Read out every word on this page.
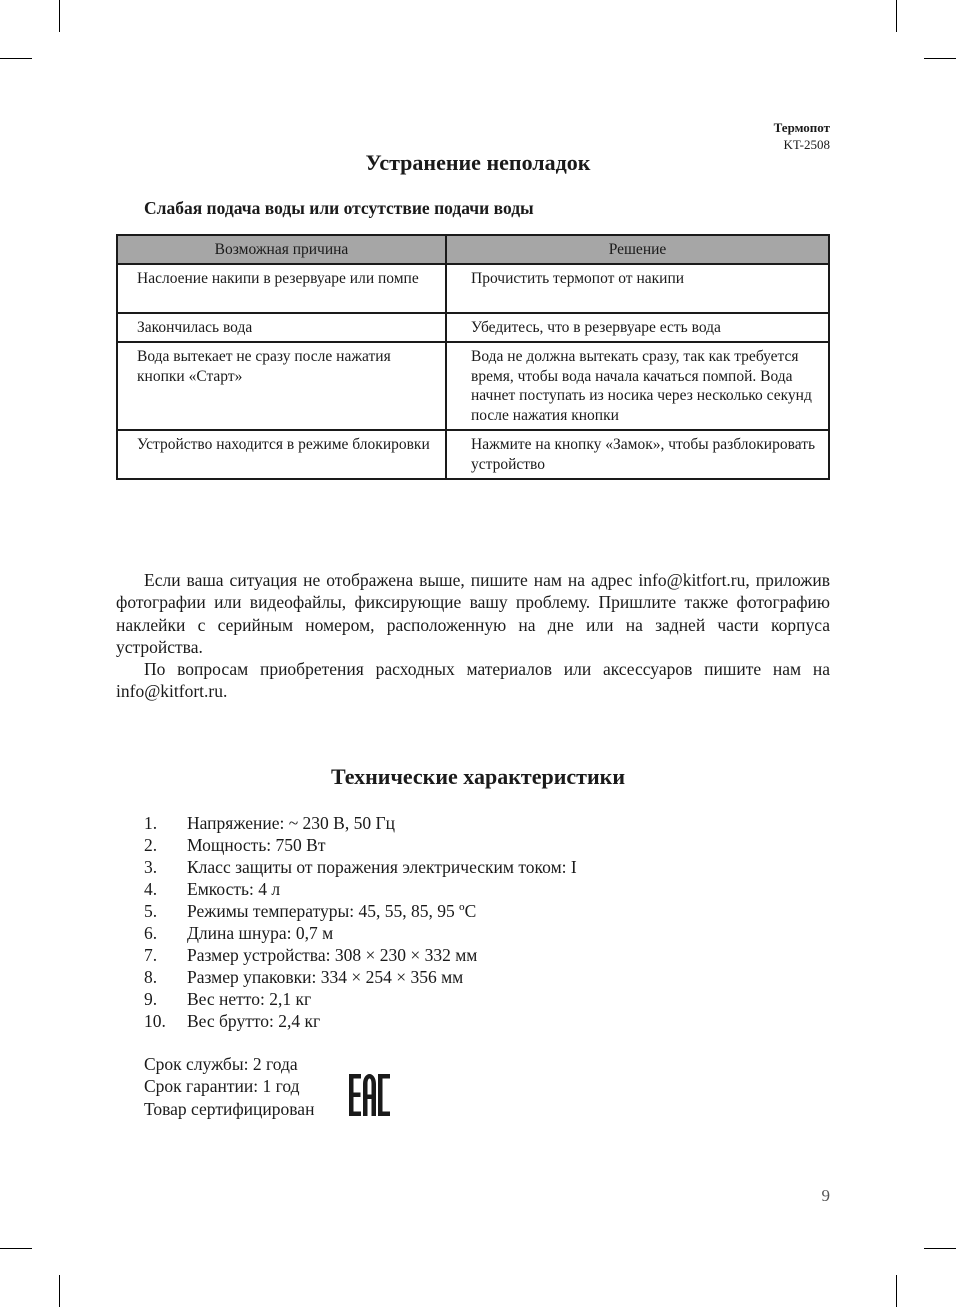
Термопот
KT-2508
Устранение неполадок
Слабая подача воды или отсутствие подачи воды
Возможная причина	Решение
Наслоение накипи в резервуаре или помпе	Прочистить термопот от накипи
Закончилась вода	Убедитесь, что в резервуаре есть вода
Вода вытекает не сразу после нажатия кнопки «Старт»	Вода не должна вытекать сразу, так как требуется время, чтобы вода начала качаться помпой. Вода начнет поступать из носика через несколько секунд после нажатия кнопки
Устройство находится в режиме блокировки	Нажмите на кнопку «Замок», чтобы разблокировать устройство

Если ваша ситуация не отображена выше, пишите нам на адрес info@kitfort.ru, приложив фотографии или видеофайлы, фиксирующие вашу проблему. Пришлите также фотографию наклейки с серийным номером, расположенную на дне или на задней части корпуса устройства.

По вопросам приобретения расходных материалов или аксессуаров пишите нам на info@kitfort.ru.

Технические характеристики
1.	Напряжение: ~ 230 В, 50 Гц
2.	Мощность: 750 Вт
3.	Класс защиты от поражения электрическим током: I
4.	Емкость: 4 л
5.	Режимы температуры: 45, 55, 85, 95 ºC
6.	Длина шнура: 0,7 м
7.	Размер устройства: 308 × 230 × 332 мм
8.	Размер упаковки: 334 × 254 × 356 мм
9.	Вес нетто: 2,1 кг
10.	Вес брутто: 2,4 кг
Срок службы: 2 года
Срок гарантии: 1 год
Товар сертифицирован
9
